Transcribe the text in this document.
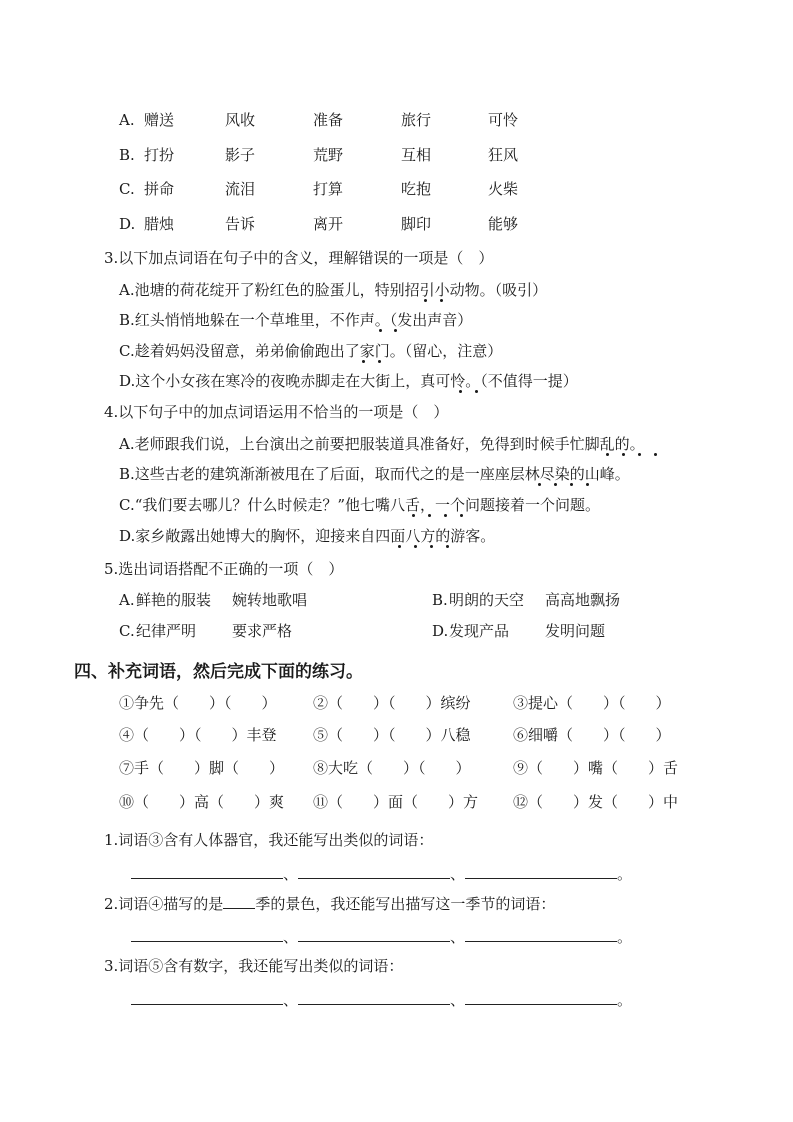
A. 赠送	风收	准备	旅行	可怜
B. 打扮	影子	荒野	互相	狂风
C. 拼命	流泪	打算	吃抱	火柴
D. 腊烛	告诉	离开	脚印	能够
3.以下加点词语在句子中的含义，理解错误的一项是（　）
A.池塘的荷花绽开了粉红色的脸蛋儿，特别招引小动物。（吸引）
B.红头悄悄地躲在一个草堆里，不作声。（发出声音）
C.趁着妈妈没留意，弟弟偷偷跑出了家门。（留心，注意）
D.这个小女孩在寒冷的夜晚赤脚走在大街上，真可怜。（不值得一提）
4.以下句子中的加点词语运用不恰当的一项是（　）
A.老师跟我们说，上台演出之前要把服装道具准备好，免得到时候手忙脚乱的。
B.这些古老的建筑渐渐被甩在了后面，取而代之的是一座座层林尽染的山峰。
C.“我们要去哪儿？什么时候走？”他七嘴八舌，一个问题接着一个问题。
D.家乡敞露出她博大的胸怀，迎接来自四面八方的游客。
5.选出词语搭配不正确的一项（　）
A. 鲜艳的服装 婉转地歌唱	B. 明朗的天空 高高地飘扬
C. 纪律严明 要求严格	D. 发现产品 发明问题
四、补充词语，然后完成下面的练习。
①争先（　　）（　　） ②（　　）（　　）缤纷	③提心（　　）（　　）
④（　　）（　　）丰登 ⑤（　　）（　　）八稳	⑥细嚼（　　）（　　）
⑦手（　　）脚（　　） ⑧大吃（　　）（　　）	⑨（　　）嘴（　　）舌
⑩（　　）高（　　）爽 ⑪（　　）面（　　）方 ⑫（　　）发（　　）中
1.词语③含有人体器官，我还能写出类似的词语：
、	、	。
2.词语④描写的是 季的景色，我还能写出描写这一季节的词语：
、	、	。
3.词语⑤含有数字，我还能写出类似的词语：
、	、	。
